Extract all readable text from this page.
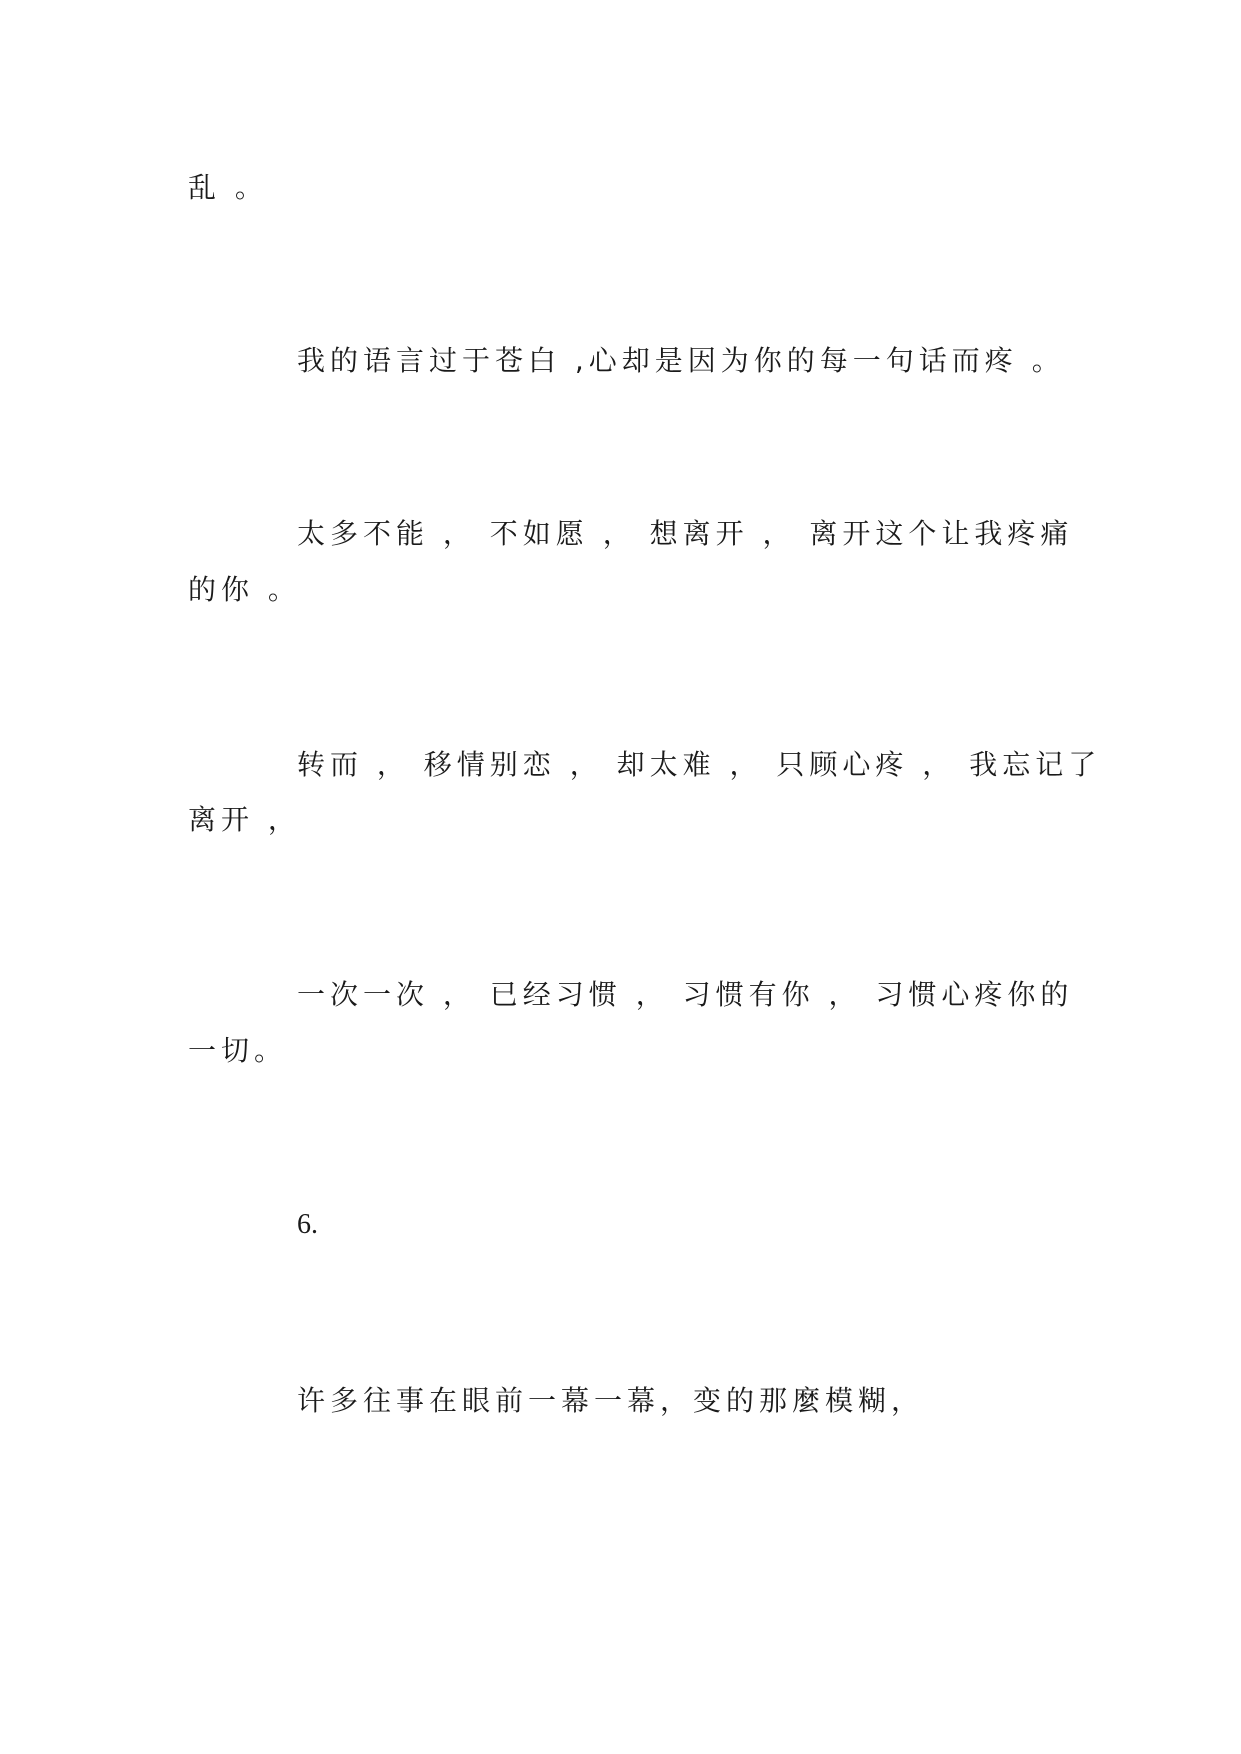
乱 。
我的语言过于苍白 ,心却是因为你的每一句话而疼 。
太多不能 ， 不如愿 ， 想离开 ， 离开这个让我疼痛
的你 。
转而 ， 移情别恋 ， 却太难 ， 只顾心疼 ， 我忘记了
离开 ，
一次一次 ， 已经习惯 ， 习惯有你 ， 习惯心疼你的
一切。
6.
许多往事在眼前一幕一幕，变的那麼模糊，
